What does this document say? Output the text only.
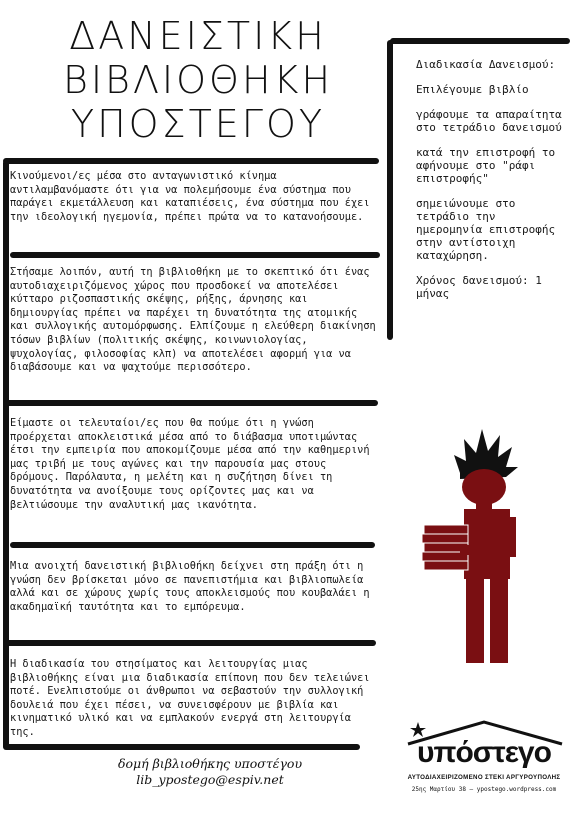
ΔΑΝΕΙΣΤΙΚΗ
ΒΙΒΛΙΟΘΗΚΗ
ΥΠΟΣΤΕΓΟΥ
Κινούμενοι/ες μέσα στο ανταγωνιστικό κίνημα αντιλαμβανόμαστε ότι για να πολεμήσουμε ένα σύστημα που παράγει εκμετάλλευση και καταπιέσεις, ένα σύστημα που έχει την ιδεολογική ηγεμονία, πρέπει πρώτα να το κατανοήσουμε.
Στήσαμε λοιπόν, αυτή τη βιβλιοθήκη με το σκεπτικό ότι ένας αυτοδιαχειριζόμενος χώρος που προσδοκεί να αποτελέσει κύτταρο ριζοσπαστικής σκέψης, ρήξης, άρνησης και δημιουργίας πρέπει να παρέχει τη δυνατότητα της ατομικής και συλλογικής αυτομόρφωσης. Ελπίζουμε η ελεύθερη διακίνηση τόσων βιβλίων (πολιτικής σκέψης, κοινωνιολογίας, ψυχολογίας, φιλοσοφίας κλπ) να αποτελέσει αφορμή για να διαβάσουμε και να ψαχτούμε περισσότερο.
Είμαστε οι τελευταίοι/ες που θα πούμε ότι η γνώση προέρχεται αποκλειστικά μέσα από το διάβασμα υποτιμώντας έτσι την εμπειρία που αποκομίζουμε μέσα από την καθημερινή μας τριβή με τους αγώνες και την παρουσία μας στους δρόμους. Παρόλαυτα, η μελέτη και η συζήτηση δίνει τη δυνατότητα να ανοίξουμε τους ορίζοντες μας και να βελτιώσουμε την αναλυτική μας ικανότητα.
Μια ανοιχτή δανειστική βιβλιοθήκη δείχνει στη πράξη ότι η γνώση δεν βρίσκεται μόνο σε πανεπιστήμια και βιβλιοπωλεία αλλά και σε χώρους χωρίς τους αποκλεισμούς που κουβαλάει η ακαδημαϊκή ταυτότητα και το εμπόρευμα.
Η διαδικασία του στησίματος και λειτουργίας μιας βιβλιοθήκης είναι μια διαδικασία επίπονη που δεν τελειώνει ποτέ. Ενελπιστούμε οι άνθρωποι να σεβαστούν την συλλογική δουλειά που έχει πέσει, να συνεισφέρουν με βιβλία και κινηματικό υλικό και να εμπλακούν ενεργά στη λειτουργία της.

Διαδικασία Δανεισμού:

Επιλέγουμε βιβλίο

γράφουμε τα απαραίτητα στο τετράδιο δανεισμού

κατά την επιστροφή το αφήνουμε στο "ράφι επιστροφής"

σημειώνουμε στο τετράδιο την ημερομηνία επιστροφής στην αντίστοιχη καταχώρηση.

Χρόνος δανεισμού: 1 μήνας

δομή βιβλιοθήκης υποστέγου
lib_ypostego@espiv.net
υπόστεγο
ΑΥΤΟΔΙΑΧΕΙΡΙΖΟΜΕΝΟ ΣΤΕΚΙ ΑΡΓΥΡΟΥΠΟΛΗΣ
25ης Μαρτίου 38 — ypostego.wordpress.com
